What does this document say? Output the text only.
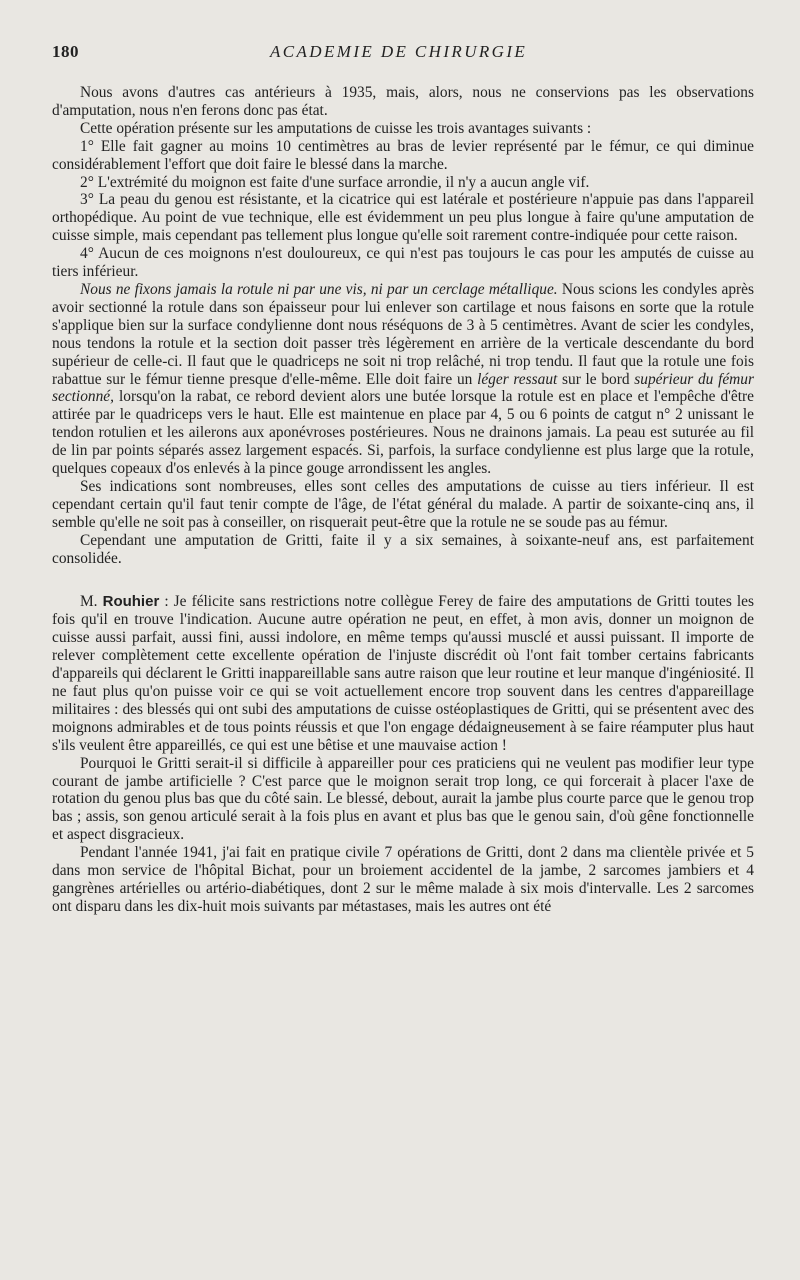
180	ACADEMIE DE CHIRURGIE

Nous avons d'autres cas antérieurs à 1935, mais, alors, nous ne conservions pas les observations d'amputation, nous n'en ferons donc pas état.

Cette opération présente sur les amputations de cuisse les trois avantages suivants :

1° Elle fait gagner au moins 10 centimètres au bras de levier représenté par le fémur, ce qui diminue considérablement l'effort que doit faire le blessé dans la marche.

2° L'extrémité du moignon est faite d'une surface arrondie, il n'y a aucun angle vif.

3° La peau du genou est résistante, et la cicatrice qui est latérale et postérieure n'appuie pas dans l'appareil orthopédique. Au point de vue technique, elle est évidemment un peu plus longue à faire qu'une amputation de cuisse simple, mais cependant pas tellement plus longue qu'elle soit rarement contre-indiquée pour cette raison.

4° Aucun de ces moignons n'est douloureux, ce qui n'est pas toujours le cas pour les amputés de cuisse au tiers inférieur.

Nous ne fixons jamais la rotule ni par une vis, ni par un cerclage métallique. Nous scions les condyles après avoir sectionné la rotule dans son épaisseur pour lui enlever son cartilage et nous faisons en sorte que la rotule s'applique bien sur la surface condylienne dont nous réséquons de 3 à 5 centimètres. Avant de scier les condyles, nous tendons la rotule et la section doit passer très légèrement en arrière de la verticale descendante du bord supérieur de celle-ci. Il faut que le quadriceps ne soit ni trop relâché, ni trop tendu. Il faut que la rotule une fois rabattue sur le fémur tienne presque d'elle-même. Elle doit faire un léger ressaut sur le bord supérieur du fémur sectionné, lorsqu'on la rabat, ce rebord devient alors une butée lorsque la rotule est en place et l'empêche d'être attirée par le quadriceps vers le haut. Elle est maintenue en place par 4, 5 ou 6 points de catgut n° 2 unissant le tendon rotulien et les ailerons aux aponévroses postérieures. Nous ne drainons jamais. La peau est suturée au fil de lin par points séparés assez largement espacés. Si, parfois, la surface condylienne est plus large que la rotule, quelques copeaux d'os enlevés à la pince gouge arrondissent les angles.

Ses indications sont nombreuses, elles sont celles des amputations de cuisse au tiers inférieur. Il est cependant certain qu'il faut tenir compte de l'âge, de l'état général du malade. A partir de soixante-cinq ans, il semble qu'elle ne soit pas à conseiller, on risquerait peut-être que la rotule ne se soude pas au fémur.

Cependant une amputation de Gritti, faite il y a six semaines, à soixante-neuf ans, est parfaitement consolidée.

M. Rouhier : Je félicite sans restrictions notre collègue Ferey de faire des amputations de Gritti toutes les fois qu'il en trouve l'indication. Aucune autre opération ne peut, en effet, à mon avis, donner un moignon de cuisse aussi parfait, aussi fini, aussi indolore, en même temps qu'aussi musclé et aussi puissant. Il importe de relever complètement cette excellente opération de l'injuste discrédit où l'ont fait tomber certains fabricants d'appareils qui déclarent le Gritti inappareillable sans autre raison que leur routine et leur manque d'ingéniosité. Il ne faut plus qu'on puisse voir ce qui se voit actuellement encore trop souvent dans les centres d'appareillage militaires : des blessés qui ont subi des amputations de cuisse ostéoplastiques de Gritti, qui se présentent avec des moignons admirables et de tous points réussis et que l'on engage dédaigneusement à se faire réamputer plus haut s'ils veulent être appareillés, ce qui est une bêtise et une mauvaise action !

Pourquoi le Gritti serait-il si difficile à appareiller pour ces praticiens qui ne veulent pas modifier leur type courant de jambe artificielle ? C'est parce que le moignon serait trop long, ce qui forcerait à placer l'axe de rotation du genou plus bas que du côté sain. Le blessé, debout, aurait la jambe plus courte parce que le genou trop bas ; assis, son genou articulé serait à la fois plus en avant et plus bas que le genou sain, d'où gêne fonctionnelle et aspect disgracieux.

Pendant l'année 1941, j'ai fait en pratique civile 7 opérations de Gritti, dont 2 dans ma clientèle privée et 5 dans mon service de l'hôpital Bichat, pour un broiement accidentel de la jambe, 2 sarcomes jambiers et 4 gangrènes artérielles ou artério-diabétiques, dont 2 sur le même malade à six mois d'intervalle. Les 2 sarcomes ont disparu dans les dix-huit mois suivants par métastases, mais les autres ont été
